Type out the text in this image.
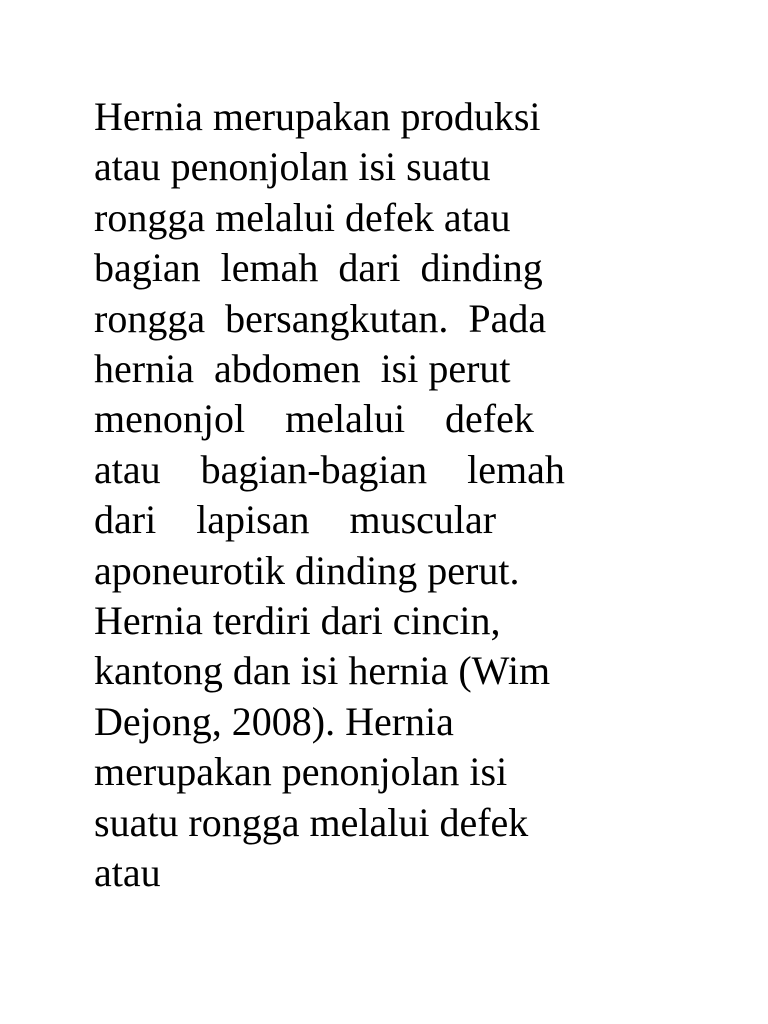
Hernia merupakan produksi
atau penonjolan isi suatu
rongga melalui defek atau
bagian  lemah  dari  dinding
rongga  bersangkutan.  Pada
hernia  abdomen  isi perut
menonjol    melalui    defek
atau    bagian-bagian    lemah
dari    lapisan    muscular
aponeurotik dinding perut.
Hernia terdiri dari cincin,
kantong dan isi hernia (Wim
Dejong, 2008). Hernia
merupakan penonjolan isi
suatu rongga melalui defek
atau
